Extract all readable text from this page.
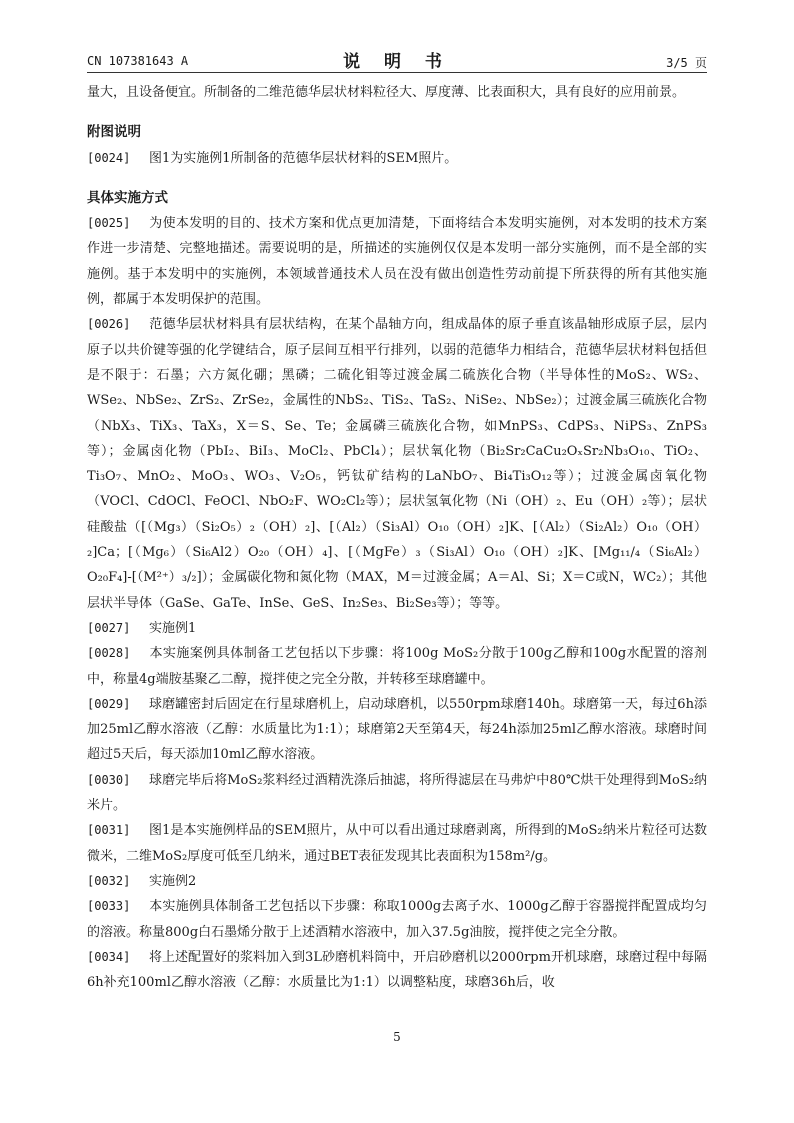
CN 107381643 A	说 明 书	3/5 页

量大，且设备便宜。所制备的二维范德华层状材料粒径大、厚度薄、比表面积大，具有良好的应用前景。

附图说明

[0024] 图1为实施例1所制备的范德华层状材料的SEM照片。

具体实施方式

[0025] 为使本发明的目的、技术方案和优点更加清楚，下面将结合本发明实施例，对本发明的技术方案作进一步清楚、完整地描述。需要说明的是，所描述的实施例仅仅是本发明一部分实施例，而不是全部的实施例。基于本发明中的实施例，本领域普通技术人员在没有做出创造性劳动前提下所获得的所有其他实施例，都属于本发明保护的范围。

[0026] 范德华层状材料具有层状结构，在某个晶轴方向，组成晶体的原子垂直该晶轴形成原子层，层内原子以共价键等强的化学键结合，原子层间互相平行排列，以弱的范德华力相结合，范德华层状材料包括但是不限于：石墨；六方氮化硼；黑磷；二硫化钼等过渡金属二硫族化合物（半导体性的MoS₂、WS₂、WSe₂、NbSe₂、ZrS₂、ZrSe₂，金属性的NbS₂、TiS₂、TaS₂、NiSe₂、NbSe₂）；过渡金属三硫族化合物（NbX₃、TiX₃、TaX₃，X＝S、Se、Te；金属磷三硫族化合物，如MnPS₃、CdPS₃、NiPS₃、ZnPS₃等）；金属卤化物（PbI₂、BiI₃、MoCl₂、PbCl₄）；层状氧化物（Bi₂Sr₂CaCu₂OₓSr₂Nb₃O₁₀、TiO₂、Ti₃O₇、MnO₂、MoO₃、WO₃、V₂O₅，钙钛矿结构的LaNbO₇、Bi₄Ti₃O₁₂等）；过渡金属卤氧化物（VOCl、CdOCl、FeOCl、NbO₂F、WO₂Cl₂等）；层状氢氧化物（Ni（OH）₂、Eu（OH）₂等）；层状硅酸盐（[（Mg₃）（Si₂O₅）₂（OH）₂]、[（Al₂）（Si₃Al）O₁₀（OH）₂]K、[（Al₂）（Si₂Al₂）O₁₀（OH）₂]Ca；[（Mg₆）（Si₆Al2）O₂₀（OH）₄]、[（MgFe）₃（Si₃Al）O₁₀（OH）₂]K、[Mg₁₁/₄（Si₆Al₂）O₂₀F₄]-[（M²⁺）₃/₂]）；金属碳化物和氮化物（MAX，M＝过渡金属；A＝Al、Si；X＝C或N，WC₂）；其他层状半导体（GaSe、GaTe、InSe、GeS、In₂Se₃、Bi₂Se₃等）；等等。

[0027] 实施例1

[0028] 本实施案例具体制备工艺包括以下步骤：将100g MoS₂分散于100g乙醇和100g水配置的溶剂中，称量4g端胺基聚乙二醇，搅拌使之完全分散，并转移至球磨罐中。

[0029] 球磨罐密封后固定在行星球磨机上，启动球磨机，以550rpm球磨140h。球磨第一天，每过6h添加25ml乙醇水溶液（乙醇：水质量比为1:1）；球磨第2天至第4天，每24h添加25ml乙醇水溶液。球磨时间超过5天后，每天添加10ml乙醇水溶液。

[0030] 球磨完毕后将MoS₂浆料经过酒精洗涤后抽滤，将所得滤层在马弗炉中80℃烘干处理得到MoS₂纳米片。

[0031] 图1是本实施例样品的SEM照片，从中可以看出通过球磨剥离，所得到的MoS₂纳米片粒径可达数微米，二维MoS₂厚度可低至几纳米，通过BET表征发现其比表面积为158m²/g。

[0032] 实施例2

[0033] 本实施例具体制备工艺包括以下步骤：称取1000g去离子水、1000g乙醇于容器搅拌配置成均匀的溶液。称量800g白石墨烯分散于上述酒精水溶液中，加入37.5g油胺，搅拌使之完全分散。

[0034] 将上述配置好的浆料加入到3L砂磨机料筒中，开启砂磨机以2000rpm开机球磨，球磨过程中每隔6h补充100ml乙醇水溶液（乙醇：水质量比为1:1）以调整粘度，球磨36h后，收

5
